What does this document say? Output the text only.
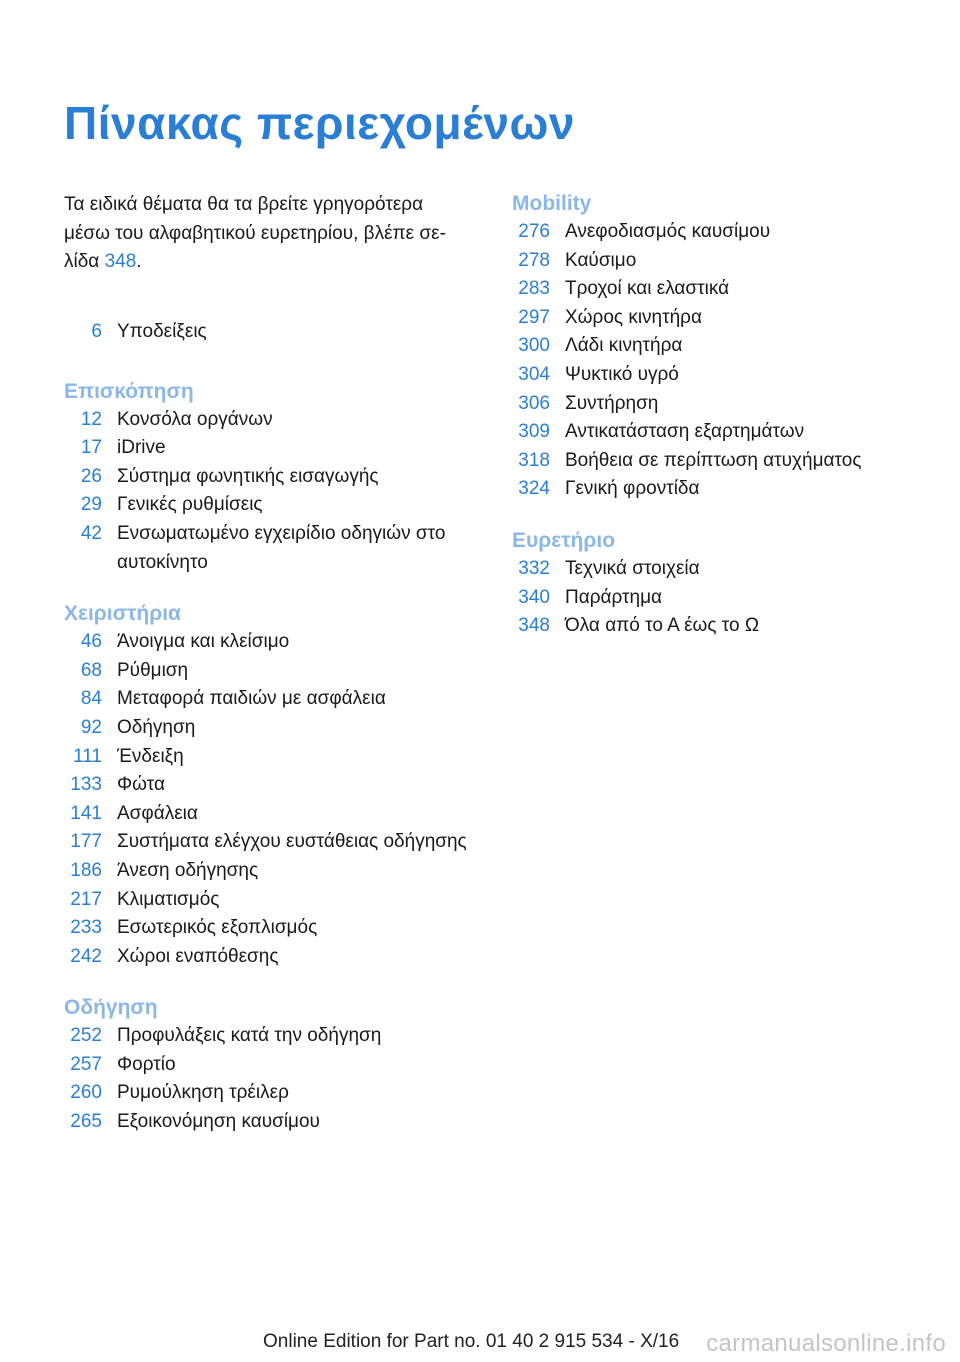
Πίνακας περιεχομένων
Τα ειδικά θέματα θα τα βρείτε γρηγορότερα
μέσω του αλφαβητικού ευρετηρίου, βλέπε σε‐
λίδα 348.
6 Υποδείξεις
Επισκόπηση
12 Κονσόλα οργάνων
17 iDrive
26 Σύστημα φωνητικής εισαγωγής
29 Γενικές ρυθμίσεις
42 Ενσωματωμένο εγχειρίδιο οδηγιών στο αυτοκίνητο
Χειριστήρια
46 Άνοιγμα και κλείσιμο
68 Ρύθμιση
84 Μεταφορά παιδιών με ασφάλεια
92 Οδήγηση
111 Ένδειξη
133 Φώτα
141 Ασφάλεια
177 Συστήματα ελέγχου ευστάθειας οδήγησης
186 Άνεση οδήγησης
217 Κλιματισμός
233 Εσωτερικός εξοπλισμός
242 Χώροι εναπόθεσης
Οδήγηση
252 Προφυλάξεις κατά την οδήγηση
257 Φορτίο
260 Ρυμούλκηση τρέιλερ
265 Εξοικονόμηση καυσίμου
Mobility
276 Ανεφοδιασμός καυσίμου
278 Καύσιμο
283 Τροχοί και ελαστικά
297 Χώρος κινητήρα
300 Λάδι κινητήρα
304 Ψυκτικό υγρό
306 Συντήρηση
309 Αντικατάσταση εξαρτημάτων
318 Βοήθεια σε περίπτωση ατυχήματος
324 Γενική φροντίδα
Ευρετήριο
332 Τεχνικά στοιχεία
340 Παράρτημα
348 Όλα από το Α έως το Ω
Online Edition for Part no. 01 40 2 915 534 - X/16 carmanualsonline.info
